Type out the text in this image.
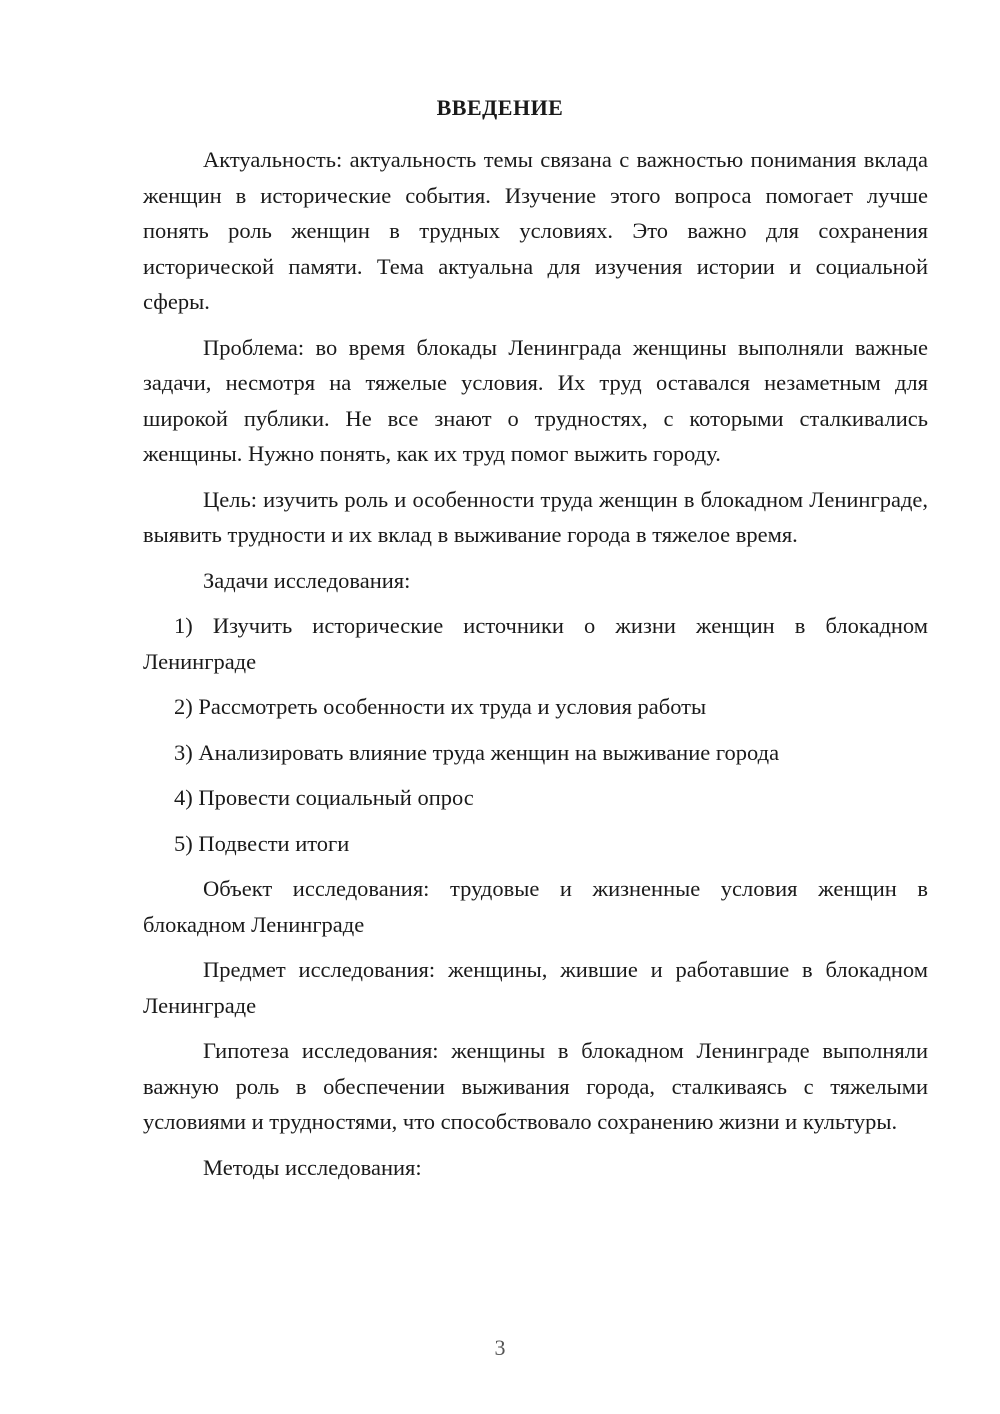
ВВЕДЕНИЕ

Актуальность: актуальность темы связана с важностью понимания вклада женщин в исторические события. Изучение этого вопроса помогает лучше понять роль женщин в трудных условиях. Это важно для сохранения исторической памяти. Тема актуальна для изучения истории и социальной сферы.

Проблема: во время блокады Ленинграда женщины выполняли важные задачи, несмотря на тяжелые условия. Их труд оставался незаметным для широкой публики. Не все знают о трудностях, с которыми сталкивались женщины. Нужно понять, как их труд помог выжить городу.

Цель: изучить роль и особенности труда женщин в блокадном Ленинграде, выявить трудности и их вклад в выживание города в тяжелое время.

Задачи исследования:

1) Изучить исторические источники о жизни женщин в блокадном Ленинграде

2) Рассмотреть особенности их труда и условия работы

3) Анализировать влияние труда женщин на выживание города

4) Провести социальный опрос

5) Подвести итоги

Объект исследования: трудовые и жизненные условия женщин в блокадном Ленинграде

Предмет исследования: женщины, жившие и работавшие в блокадном Ленинграде

Гипотеза исследования: женщины в блокадном Ленинграде выполняли важную роль в обеспечении выживания города, сталкиваясь с тяжелыми условиями и трудностями, что способствовало сохранению жизни и культуры.

Методы исследования:

3
